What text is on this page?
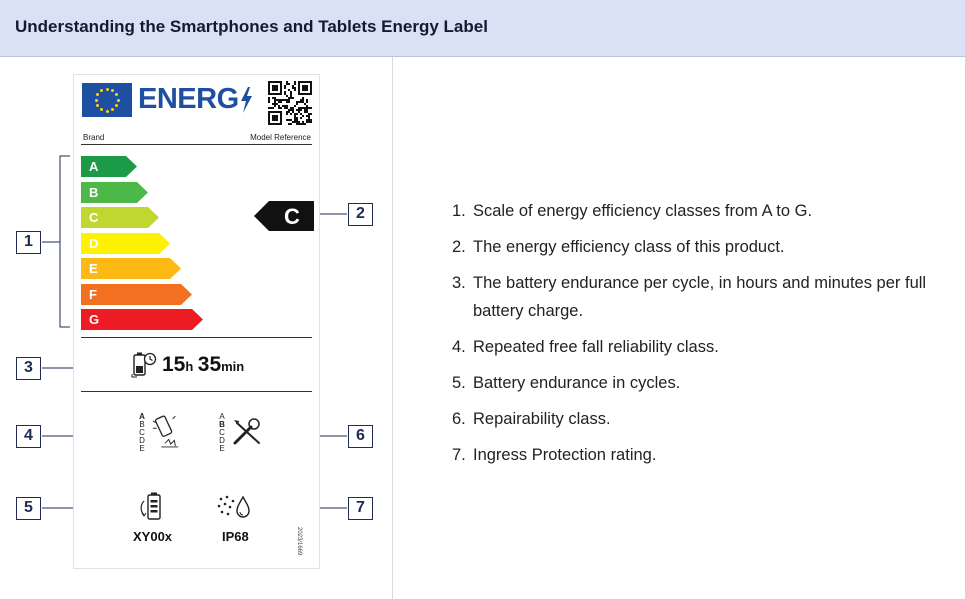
Understanding the Smartphones and Tablets Energy Label
1
2
3
4	6
5	7
ENERG
Brand	Model Reference
A
B
C
D
E
F
G
C
15h 35min
A
B
C
D
E
A
B
C
D
E
XY00x	IP68	2023/1669
1. Scale of energy efficiency classes from A to G.
2. The energy efficiency class of this product.
3. The battery endurance per cycle, in hours and minutes per full battery charge.
4. Repeated free fall reliability class.
5. Battery endurance in cycles.
6. Repairability class.
7. Ingress Protection rating.
